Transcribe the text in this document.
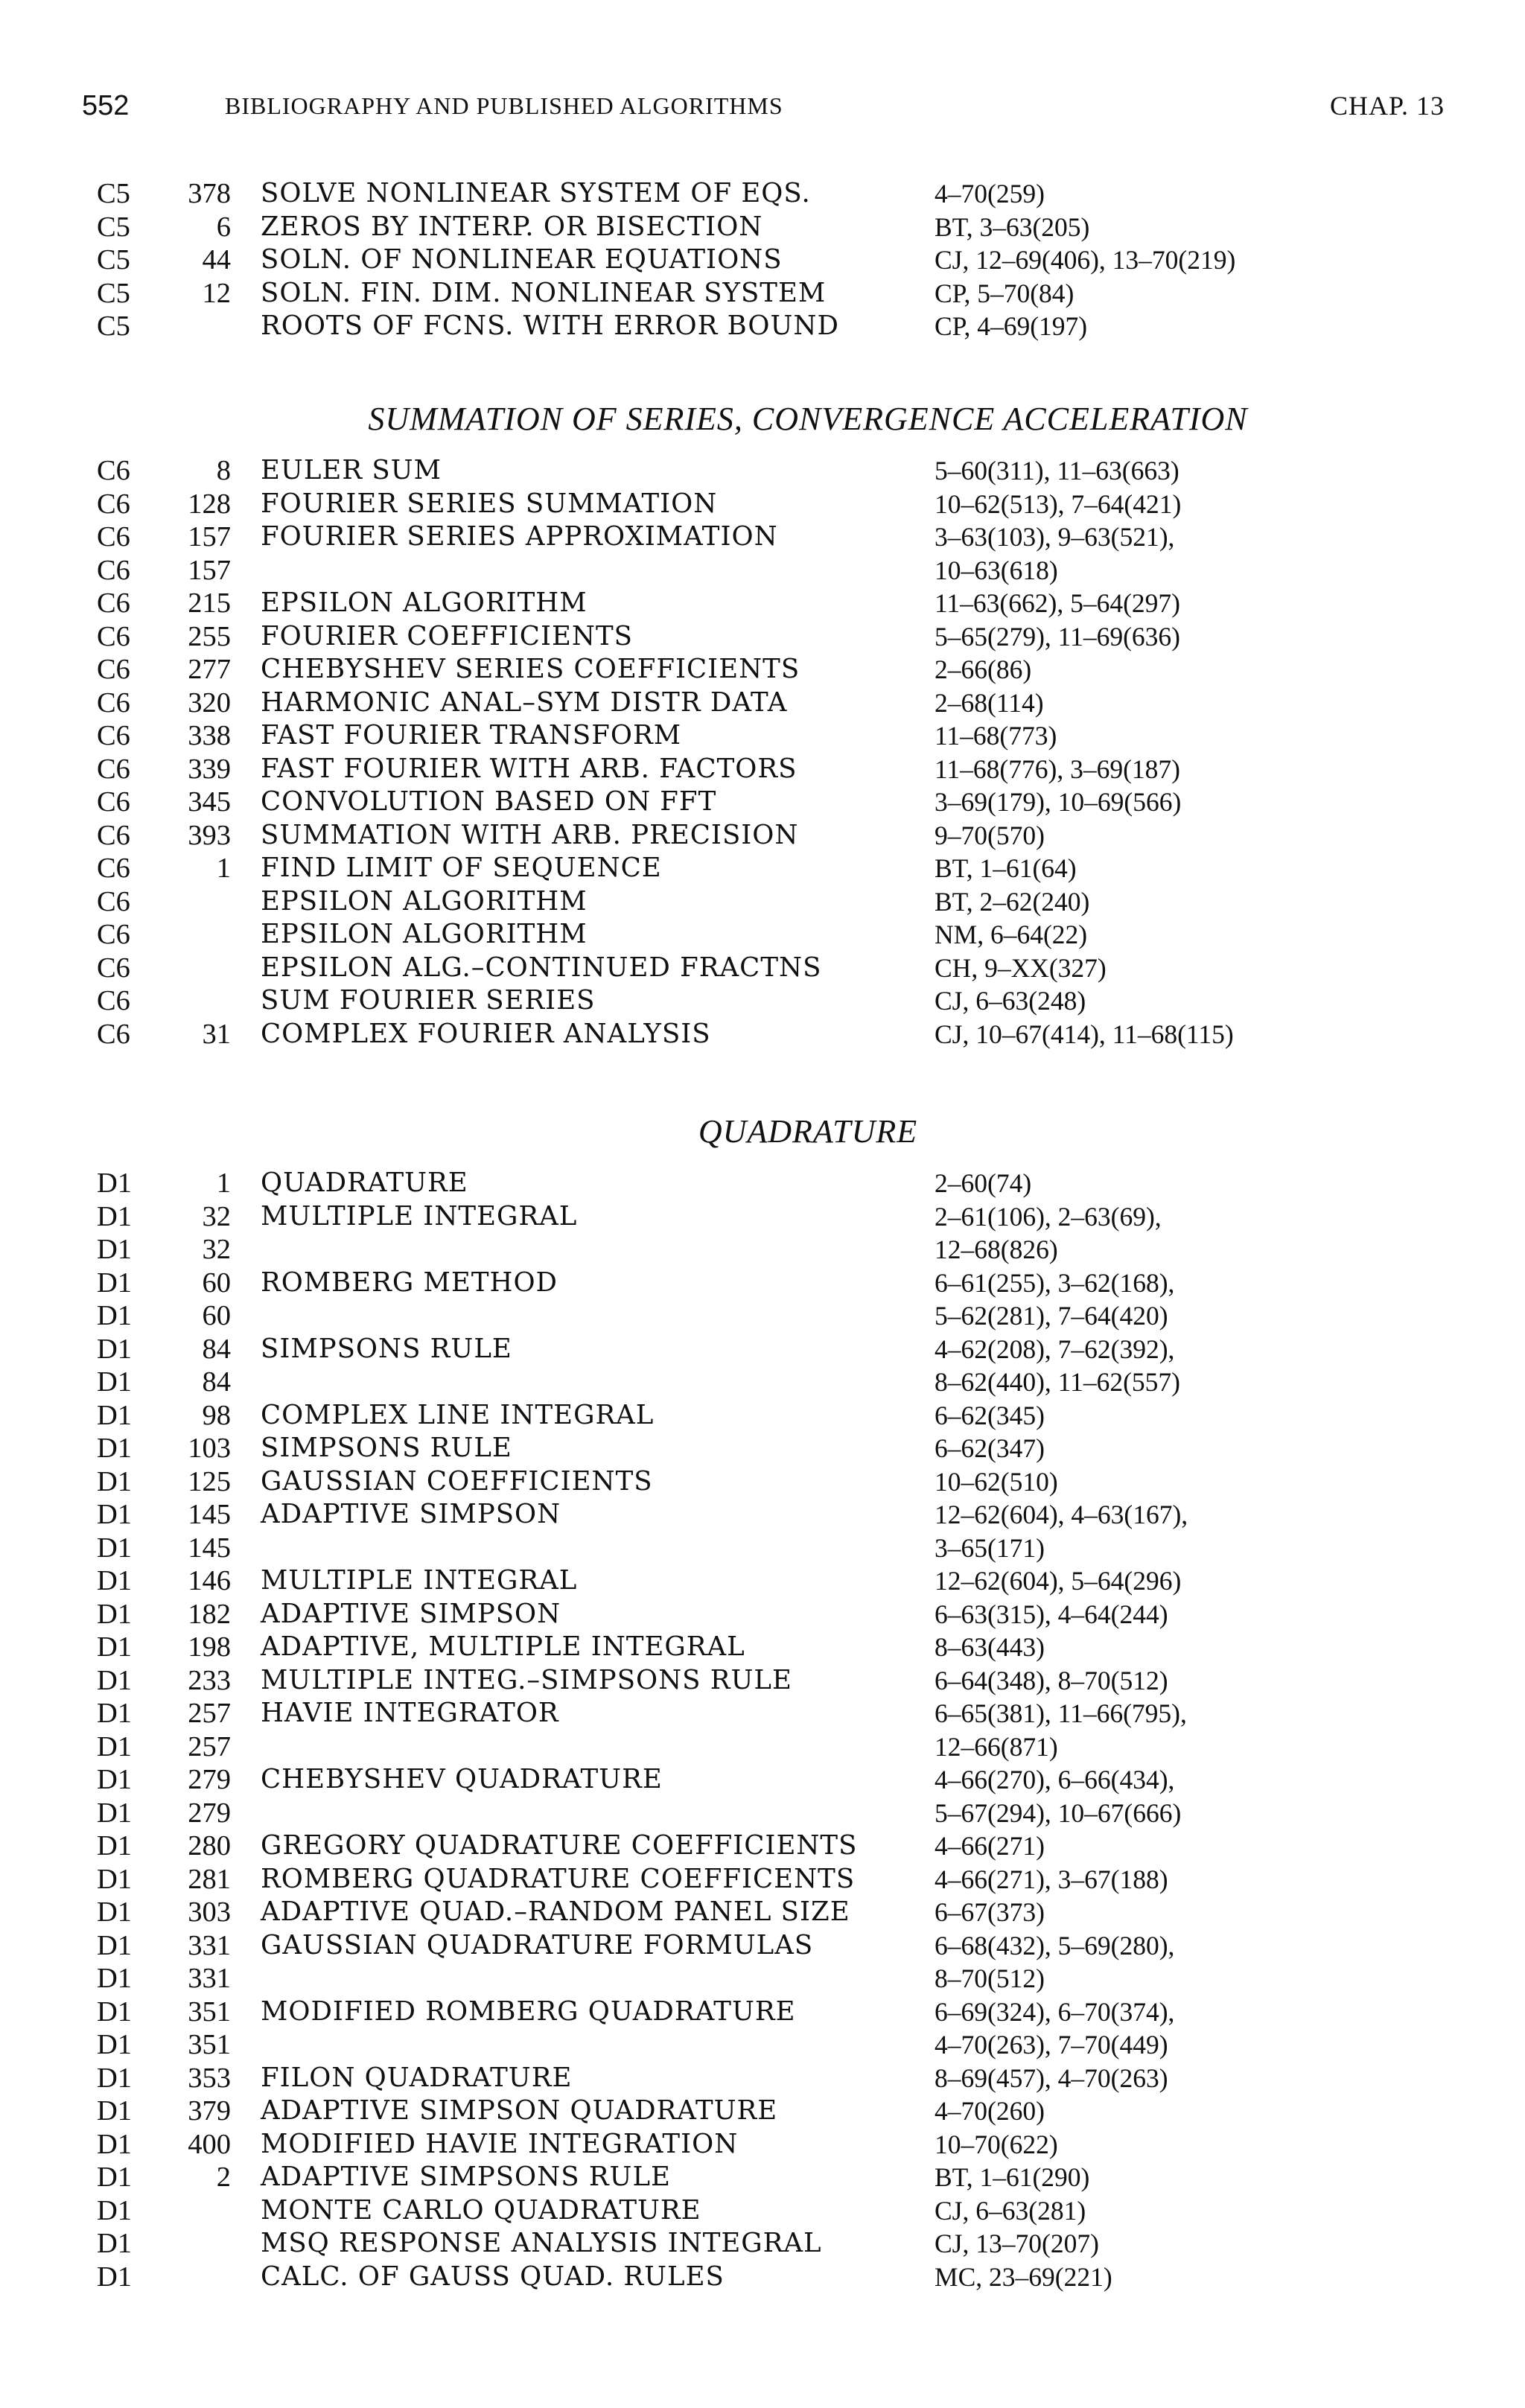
552	BIBLIOGRAPHY AND PUBLISHED ALGORITHMS	CHAP. 13
C5	378 SOLVE NONLINEAR SYSTEM OF EQS.	4–70(259)
C5	6 ZEROS BY INTERP. OR BISECTION	BT, 3–63(205)
C5	44 SOLN. OF NONLINEAR EQUATIONS	CJ, 12–69(406), 13–70(219)
C5	12 SOLN. FIN. DIM. NONLINEAR SYSTEM	CP, 5–70(84)
C5	ROOTS OF FCNS. WITH ERROR BOUND	CP, 4–69(197)
SUMMATION OF SERIES, CONVERGENCE ACCELERATION
C6	8 EULER SUM	5–60(311), 11–63(663)
C6	128 FOURIER SERIES SUMMATION	10–62(513), 7–64(421)
C6	157 FOURIER SERIES APPROXIMATION	3–63(103), 9–63(521),
C6	157	10–63(618)
C6	215 EPSILON ALGORITHM	11–63(662), 5–64(297)
C6	255 FOURIER COEFFICIENTS	5–65(279), 11–69(636)
C6	277 CHEBYSHEV SERIES COEFFICIENTS	2–66(86)
C6	320 HARMONIC ANAL–SYM DISTR DATA	2–68(114)
C6	338 FAST FOURIER TRANSFORM	11–68(773)
C6	339 FAST FOURIER WITH ARB. FACTORS	11–68(776), 3–69(187)
C6	345 CONVOLUTION BASED ON FFT	3–69(179), 10–69(566)
C6	393 SUMMATION WITH ARB. PRECISION	9–70(570)
C6	1 FIND LIMIT OF SEQUENCE	BT, 1–61(64)
C6	EPSILON ALGORITHM	BT, 2–62(240)
C6	EPSILON ALGORITHM	NM, 6–64(22)
C6	EPSILON ALG.–CONTINUED FRACTNS	CH, 9–XX(327)
C6	SUM FOURIER SERIES	CJ, 6–63(248)
C6	31 COMPLEX FOURIER ANALYSIS	CJ, 10–67(414), 11–68(115)
QUADRATURE
D1	1 QUADRATURE	2–60(74)
D1	32 MULTIPLE INTEGRAL	2–61(106), 2–63(69),
D1	32	12–68(826)
D1	60 ROMBERG METHOD	6–61(255), 3–62(168),
D1	60	5–62(281), 7–64(420)
D1	84 SIMPSONS RULE	4–62(208), 7–62(392),
D1	84	8–62(440), 11–62(557)
D1	98 COMPLEX LINE INTEGRAL	6–62(345)
D1	103 SIMPSONS RULE	6–62(347)
D1	125 GAUSSIAN COEFFICIENTS	10–62(510)
D1	145 ADAPTIVE SIMPSON	12–62(604), 4–63(167),
D1	145	3–65(171)
D1	146 MULTIPLE INTEGRAL	12–62(604), 5–64(296)
D1	182 ADAPTIVE SIMPSON	6–63(315), 4–64(244)
D1	198 ADAPTIVE, MULTIPLE INTEGRAL	8–63(443)
D1	233 MULTIPLE INTEG.–SIMPSONS RULE	6–64(348), 8–70(512)
D1	257 HAVIE INTEGRATOR	6–65(381), 11–66(795),
D1	257	12–66(871)
D1	279 CHEBYSHEV QUADRATURE	4–66(270), 6–66(434),
D1	279	5–67(294), 10–67(666)
D1	280 GREGORY QUADRATURE COEFFICIENTS	4–66(271)
D1	281 ROMBERG QUADRATURE COEFFICENTS	4–66(271), 3–67(188)
D1	303 ADAPTIVE QUAD.–RANDOM PANEL SIZE	6–67(373)
D1	331 GAUSSIAN QUADRATURE FORMULAS	6–68(432), 5–69(280),
D1	331	8–70(512)
D1	351 MODIFIED ROMBERG QUADRATURE	6–69(324), 6–70(374),
D1	351	4–70(263), 7–70(449)
D1	353 FILON QUADRATURE	8–69(457), 4–70(263)
D1	379 ADAPTIVE SIMPSON QUADRATURE	4–70(260)
D1	400 MODIFIED HAVIE INTEGRATION	10–70(622)
D1	2 ADAPTIVE SIMPSONS RULE	BT, 1–61(290)
D1	MONTE CARLO QUADRATURE	CJ, 6–63(281)
D1	MSQ RESPONSE ANALYSIS INTEGRAL	CJ, 13–70(207)
D1	CALC. OF GAUSS QUAD. RULES	MC, 23–69(221)
